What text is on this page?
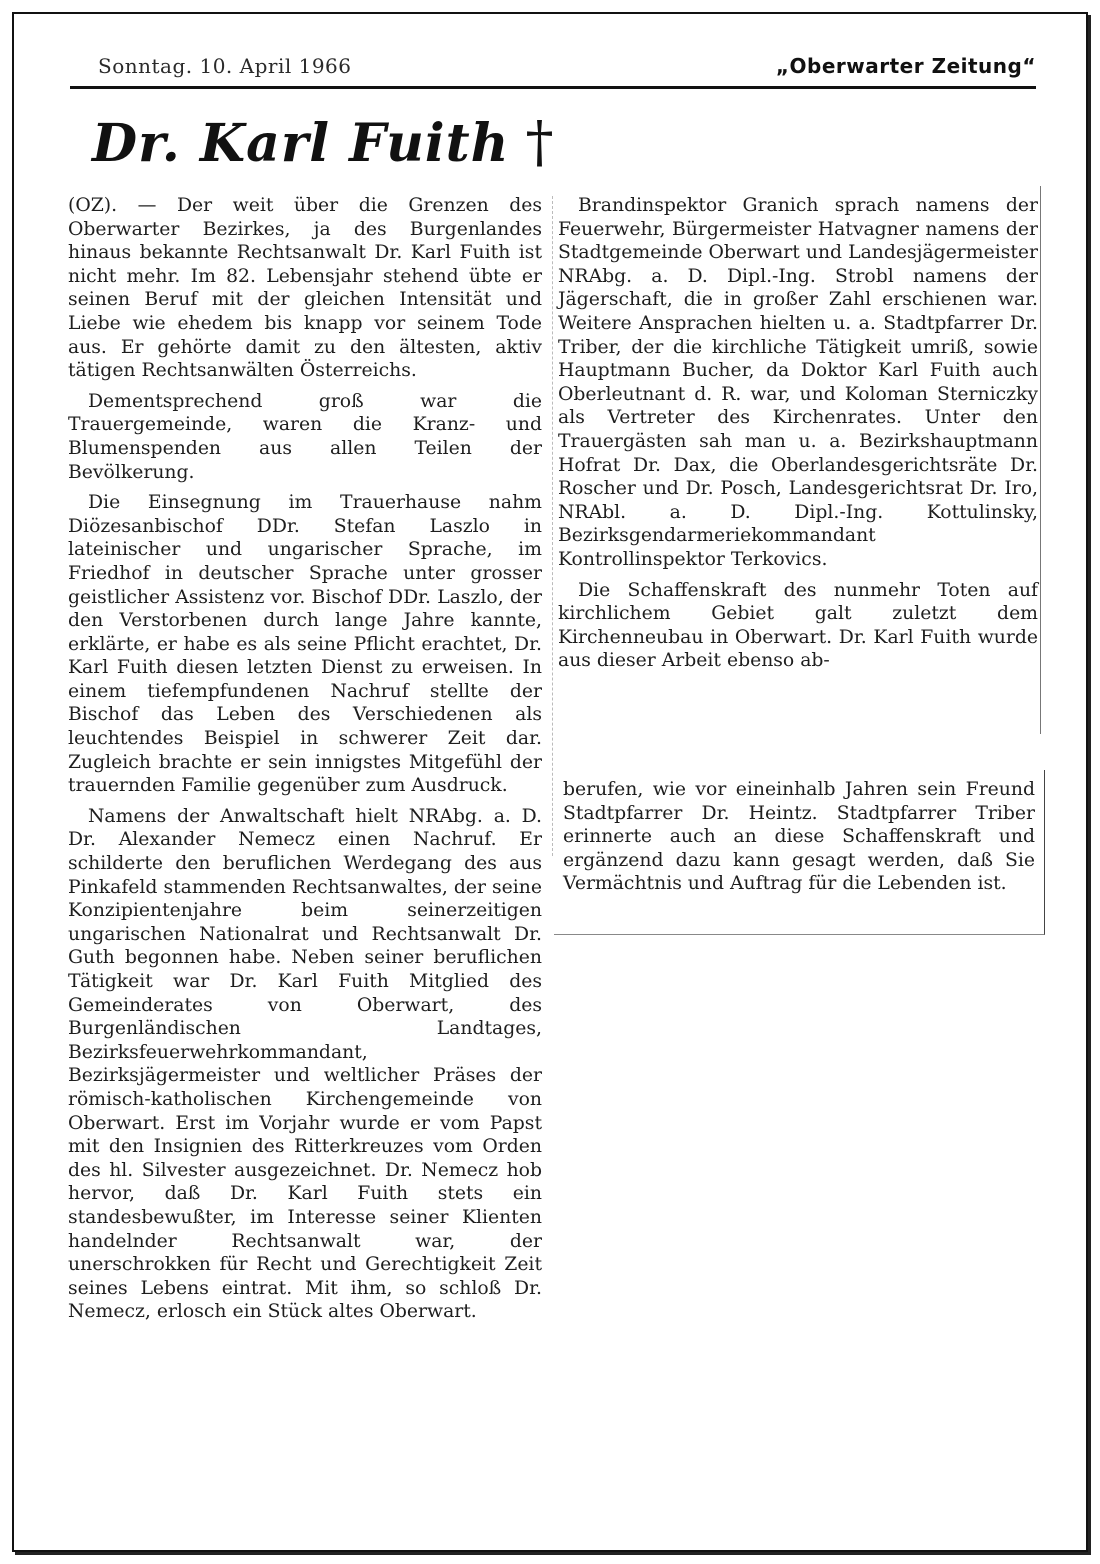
Sonntag. 10. April 1966	„Oberwarter Zeitung“
Dr. Karl Fuith †

(OZ). — Der weit über die Grenzen des Oberwarter Bezirkes, ja des Burgenlandes hinaus bekannte Rechtsanwalt Dr. Karl Fuith ist nicht mehr. Im 82. Lebensjahr stehend übte er seinen Beruf mit der gleichen Intensität und Liebe wie ehedem bis knapp vor seinem Tode aus. Er gehörte damit zu den ältesten, aktiv tätigen Rechtsanwälten Österreichs.

Dementsprechend groß war die Trauergemeinde, waren die Kranz- und Blumenspenden aus allen Teilen der Bevölkerung.

Die Einsegnung im Trauerhause nahm Diözesanbischof DDr. Stefan Laszlo in lateinischer und ungarischer Sprache, im Friedhof in deutscher Sprache unter grosser geistlicher Assistenz vor. Bischof DDr. Laszlo, der den Verstorbenen durch lange Jahre kannte, erklärte, er habe es als seine Pflicht erachtet, Dr. Karl Fuith diesen letzten Dienst zu erweisen. In einem tiefempfundenen Nachruf stellte der Bischof das Leben des Verschiedenen als leuchtendes Beispiel in schwerer Zeit dar. Zugleich brachte er sein innigstes Mitgefühl der trauernden Familie gegenüber zum Ausdruck.

Namens der Anwaltschaft hielt NRAbg. a. D. Dr. Alexander Nemecz einen Nachruf. Er schilderte den beruflichen Werdegang des aus Pinkafeld stammenden Rechtsanwaltes, der seine Konzipientenjahre beim seinerzeitigen ungarischen Nationalrat und Rechtsanwalt Dr. Guth begonnen habe. Neben seiner beruflichen Tätigkeit war Dr. Karl Fuith Mitglied des Gemeinderates von Oberwart, des Burgenländischen Landtages, Bezirksfeuerwehrkommandant, Bezirksjägermeister und weltlicher Präses der römisch-katholischen Kirchengemeinde von Oberwart. Erst im Vorjahr wurde er vom Papst mit den Insignien des Ritterkreuzes vom Orden des hl. Silvester ausgezeichnet. Dr. Nemecz hob hervor, daß Dr. Karl Fuith stets ein standesbewußter, im Interesse seiner Klienten handelnder Rechtsanwalt war, der unerschrokken für Recht und Gerechtigkeit Zeit seines Lebens eintrat. Mit ihm, so schloß Dr. Nemecz, erlosch ein Stück altes Oberwart.

Brandinspektor Granich sprach namens der Feuerwehr, Bürgermeister Hatvagner namens der Stadtgemeinde Oberwart und Landesjägermeister NRAbg. a. D. Dipl.-Ing. Strobl namens der Jägerschaft, die in großer Zahl erschienen war. Weitere Ansprachen hielten u. a. Stadtpfarrer Dr. Triber, der die kirchliche Tätigkeit umriß, sowie Hauptmann Bucher, da Doktor Karl Fuith auch Oberleutnant d. R. war, und Koloman Sterniczky als Vertreter des Kirchenrates. Unter den Trauergästen sah man u. a. Bezirkshauptmann Hofrat Dr. Dax, die Oberlandesgerichtsräte Dr. Roscher und Dr. Posch, Landesgerichtsrat Dr. Iro, NRAbl. a. D. Dipl.-Ing. Kottulinsky, Bezirksgendarmeriekommandant Kontrollinspektor Terkovics.

Die Schaffenskraft des nunmehr Toten auf kirchlichem Gebiet galt zuletzt dem Kirchenneubau in Oberwart. Dr. Karl Fuith wurde aus dieser Arbeit ebenso ab-

berufen, wie vor eineinhalb Jahren sein Freund Stadtpfarrer Dr. Heintz. Stadtpfarrer Triber erinnerte auch an diese Schaffenskraft und ergänzend dazu kann gesagt werden, daß Sie Vermächtnis und Auftrag für die Lebenden ist.
